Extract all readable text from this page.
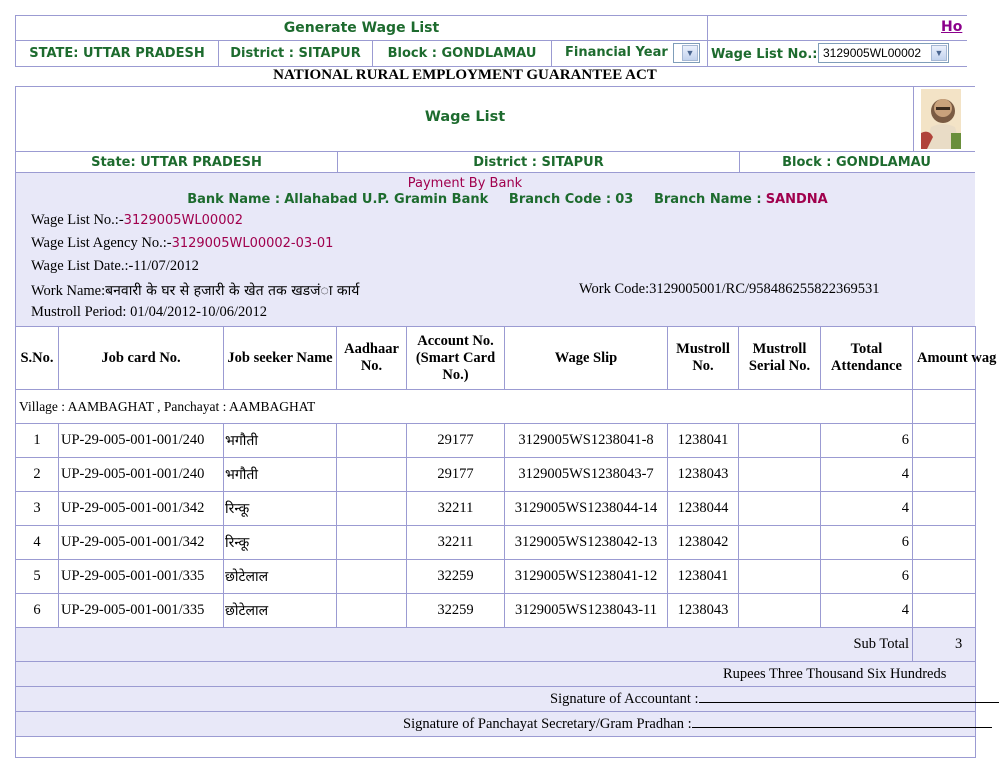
Generate Wage List	Ho
STATE: UTTAR PRADESH	District : SITAPUR	Block : GONDLAMAU	Financial Year	▼ Wage List No.: 3129005WL00002	▼
NATIONAL RURAL EMPLOYMENT GUARANTEE ACT
Wage List
State: UTTAR PRADESH	District : SITAPUR	Block : GONDLAMAU
Payment By Bank
Bank Name : Allahabad U.P. Gramin Bank Branch Code : 03 Branch Name : SANDNA
Wage List No.:-3129005WL00002
Wage List Agency No.:-3129005WL00002-03-01
Wage List Date.:-11/07/2012
Work Name:बनवारी के घर से हजारी के खेत तक खडजंा कार्य	Work Code:3129005001/RC/958486255822369531
Mustroll Period: 01/04/2012-10/06/2012
S.No.	Job card No.	Job seeker Name	Aadhaar No.	Account No. (Smart Card No.)	Wage Slip	Mustroll No.	Mustroll Serial No.	Total Attendance	Amount wag
Village : AAMBAGHAT , Panchayat : AAMBAGHAT									
1	UP-29-005-001-001/240	भगौती		29177	3129005WS1238041-8	1238041		6	
2	UP-29-005-001-001/240	भगौती		29177	3129005WS1238043-7	1238043		4	
3	UP-29-005-001-001/342	रिन्कू		32211	3129005WS1238044-14	1238044		4	
4	UP-29-005-001-001/342	रिन्कू		32211	3129005WS1238042-13	1238042		6	
5	UP-29-005-001-001/335	छोटेलाल		32259	3129005WS1238041-12	1238041		6	
6	UP-29-005-001-001/335	छोटेलाल		32259	3129005WS1238043-11	1238043		4	
Sub Total									3
Rupees Three Thousand Six Hundreds									
Signature of Accountant :									
Signature of Panchayat Secretary/Gram Pradhan :									
